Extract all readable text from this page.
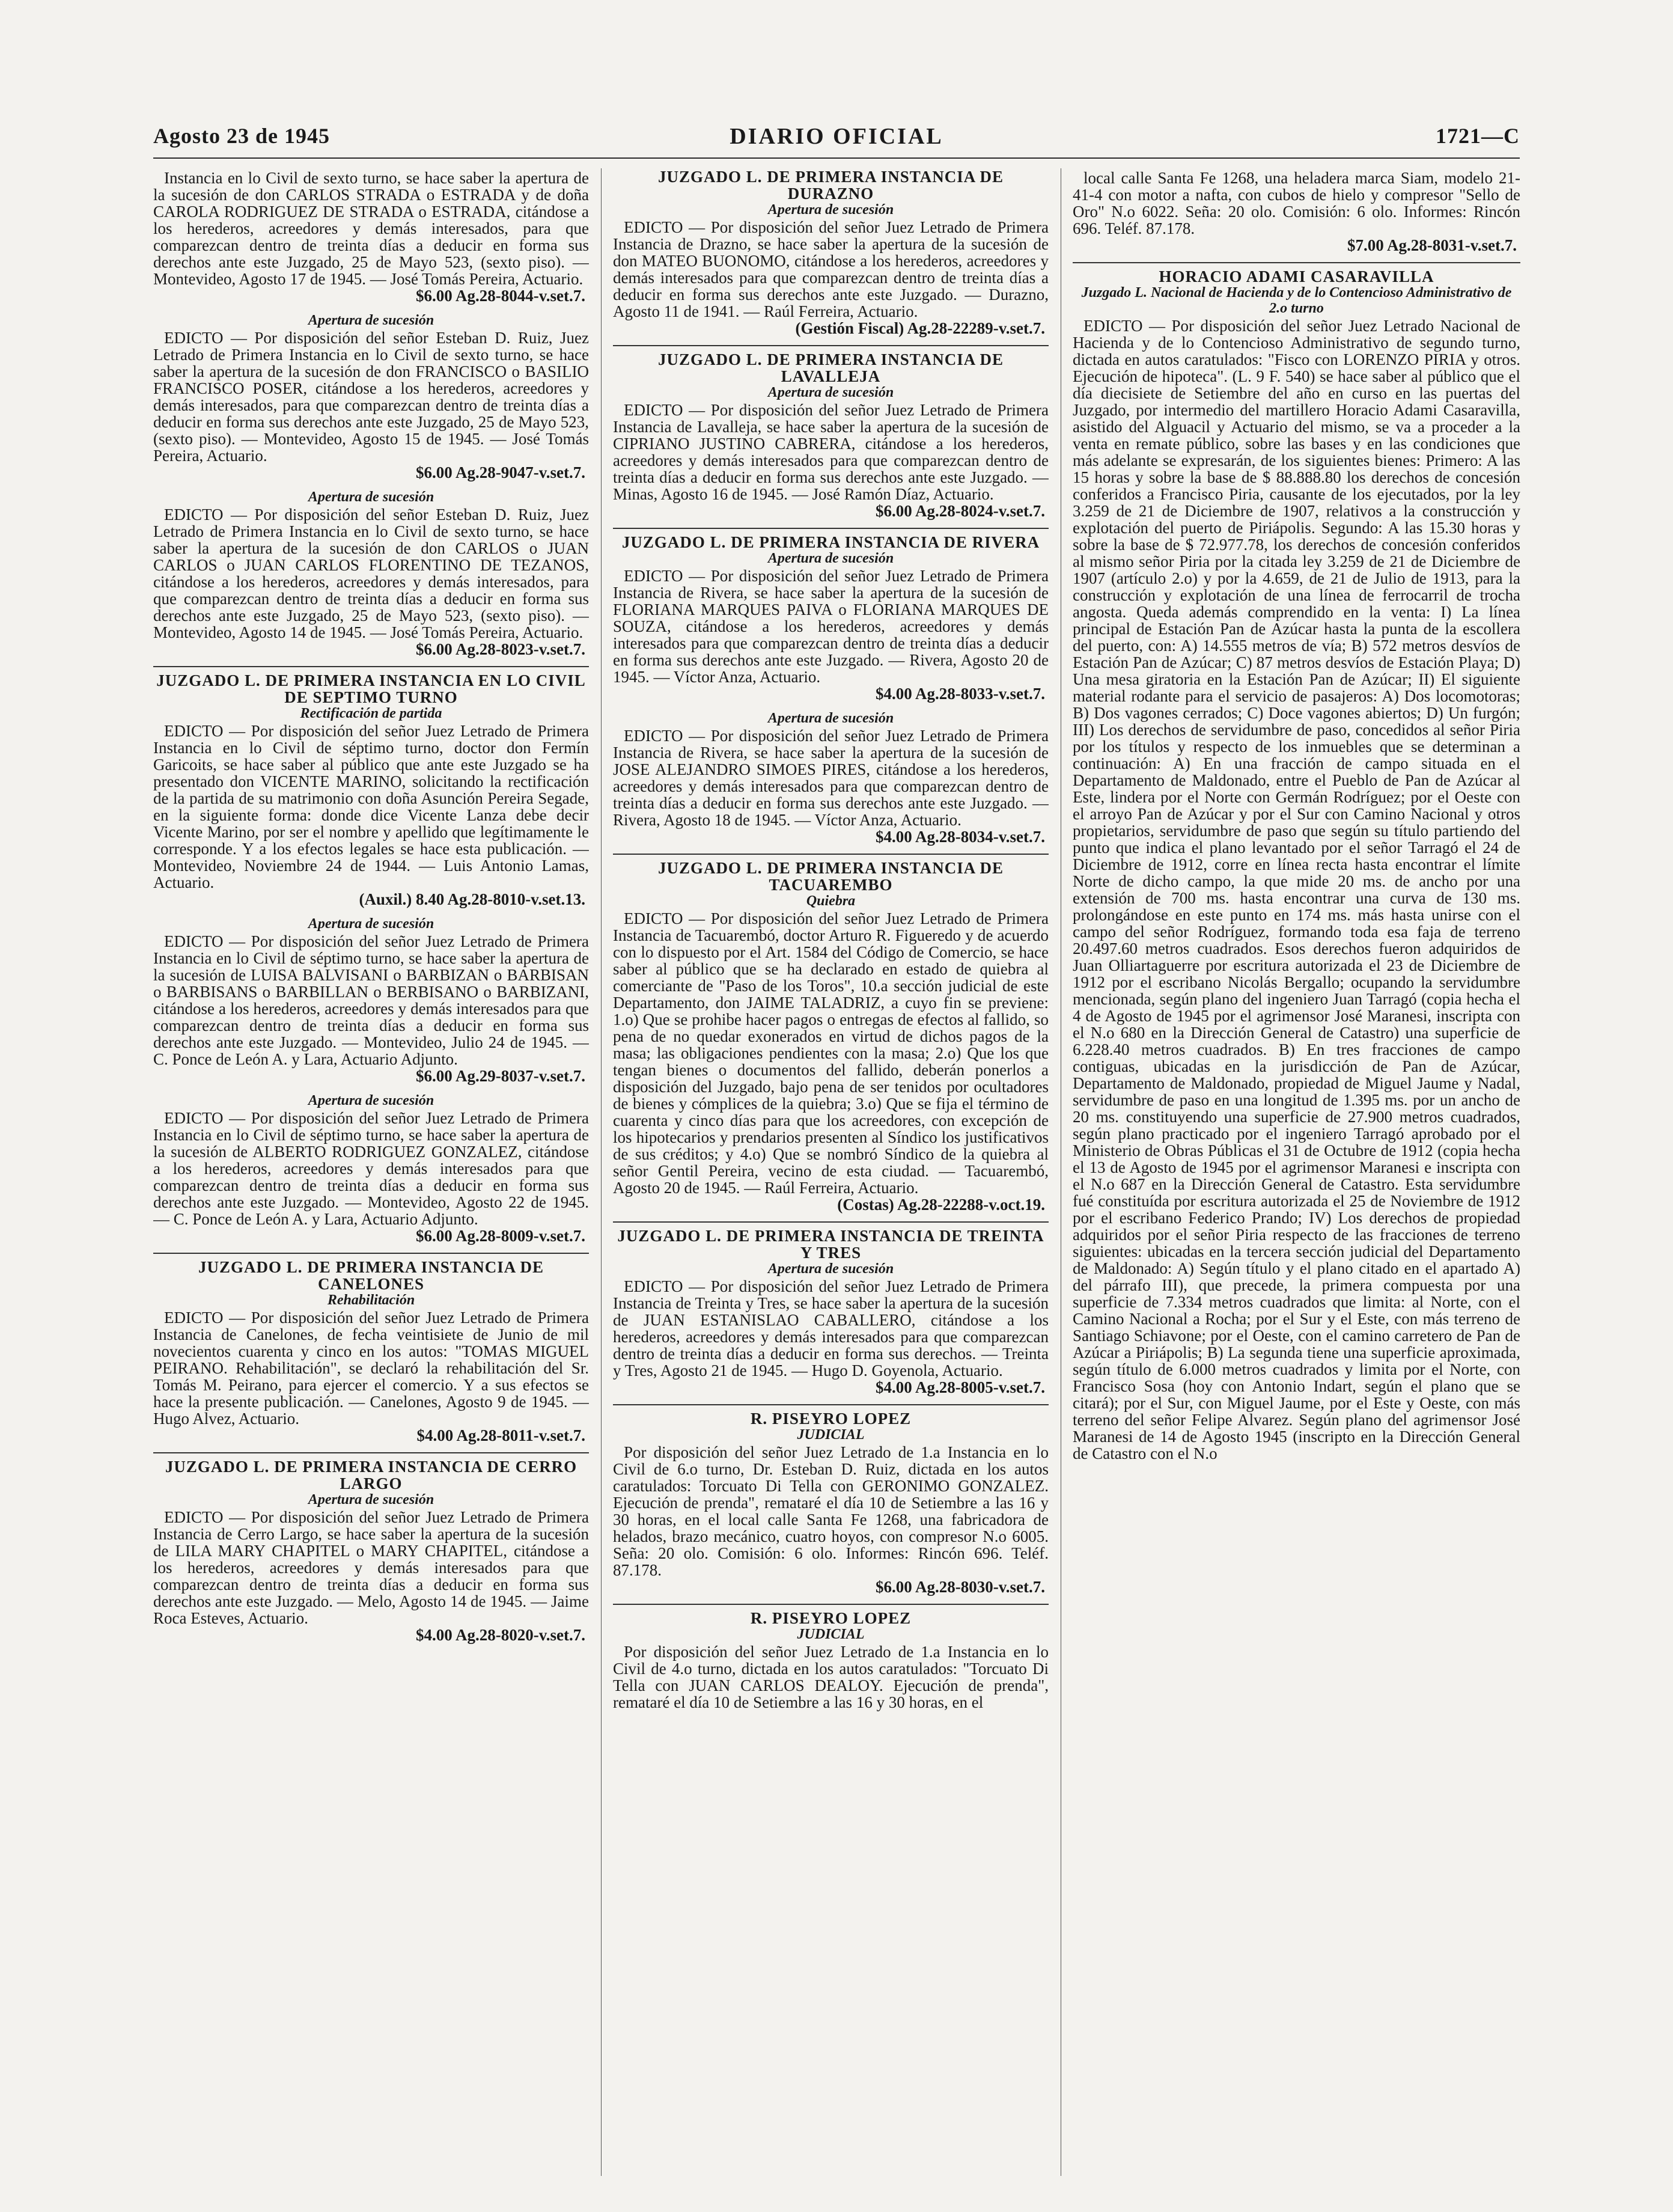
Agosto 23 de 1945	DIARIO OFICIAL	1721—C
Instancia en lo Civil de sexto turno, se hace saber la apertura de la sucesión de don CARLOS STRADA o ESTRADA y de doña CAROLA RODRIGUEZ DE STRADA o ESTRADA, citándose a los herederos, acreedores y demás interesados, para que comparezcan dentro de treinta días a deducir en forma sus derechos ante este Juzgado, 25 de Mayo 523, (sexto piso). — Montevideo, Agosto 17 de 1945. — José Tomás Pereira, Actuario.
$6.00 Ag.28-8044-v.set.7.
Apertura de sucesión
EDICTO — Por disposición del señor Esteban D. Ruiz, Juez Letrado de Primera Instancia en lo Civil de sexto turno, se hace saber la apertura de la sucesión de don FRANCISCO o BASILIO FRANCISCO POSER, citándose a los herederos, acreedores y demás interesados, para que comparezcan dentro de treinta días a deducir en forma sus derechos ante este Juzgado, 25 de Mayo 523, (sexto piso). — Montevideo, Agosto 15 de 1945. — José Tomás Pereira, Actuario.
$6.00 Ag.28-9047-v.set.7.
Apertura de sucesión
EDICTO — Por disposición del señor Esteban D. Ruiz, Juez Letrado de Primera Instancia en lo Civil de sexto turno, se hace saber la apertura de la sucesión de don CARLOS o JUAN CARLOS o JUAN CARLOS FLORENTINO DE TEZANOS, citándose a los herederos, acreedores y demás interesados, para que comparezcan dentro de treinta días a deducir en forma sus derechos ante este Juzgado, 25 de Mayo 523, (sexto piso). — Montevideo, Agosto 14 de 1945. — José Tomás Pereira, Actuario.
$6.00 Ag.28-8023-v.set.7.
JUZGADO L. DE PRIMERA INSTANCIA EN LO CIVIL DE SEPTIMO TURNO
Rectificación de partida
EDICTO — Por disposición del señor Juez Letrado de Primera Instancia en lo Civil de séptimo turno, doctor don Fermín Garicoits, se hace saber al público que ante este Juzgado se ha presentado don VICENTE MARINO, solicitando la rectificación de la partida de su matrimonio con doña Asunción Pereira Segade, en la siguiente forma: donde dice Vicente Lanza debe decir Vicente Marino, por ser el nombre y apellido que legítimamente le corresponde. Y a los efectos legales se hace esta publicación. — Montevideo, Noviembre 24 de 1944. — Luis Antonio Lamas, Actuario.
(Auxil.) 8.40 Ag.28-8010-v.set.13.
Apertura de sucesión
EDICTO — Por disposición del señor Juez Letrado de Primera Instancia en lo Civil de séptimo turno, se hace saber la apertura de la sucesión de LUISA BALVISANI o BARBIZAN o BARBISAN o BARBISANS o BARBILLAN o BERBISANO o BARBIZANI, citándose a los herederos, acreedores y demás interesados para que comparezcan dentro de treinta días a deducir en forma sus derechos ante este Juzgado. — Montevideo, Julio 24 de 1945. — C. Ponce de León A. y Lara, Actuario Adjunto.
$6.00 Ag.29-8037-v.set.7.
Apertura de sucesión
EDICTO — Por disposición del señor Juez Letrado de Primera Instancia en lo Civil de séptimo turno, se hace saber la apertura de la sucesión de ALBERTO RODRIGUEZ GONZALEZ, citándose a los herederos, acreedores y demás interesados para que comparezcan dentro de treinta días a deducir en forma sus derechos ante este Juzgado. — Montevideo, Agosto 22 de 1945. — C. Ponce de León A. y Lara, Actuario Adjunto.
$6.00 Ag.28-8009-v.set.7.
JUZGADO L. DE PRIMERA INSTANCIA DE CANELONES
Rehabilitación
EDICTO — Por disposición del señor Juez Letrado de Primera Instancia de Canelones, de fecha veintisiete de Junio de mil novecientos cuarenta y cinco en los autos: "TOMAS MIGUEL PEIRANO. Rehabilitación", se declaró la rehabilitación del Sr. Tomás M. Peirano, para ejercer el comercio. Y a sus efectos se hace la presente publicación. — Canelones, Agosto 9 de 1945. — Hugo Alvez, Actuario.
$4.00 Ag.28-8011-v.set.7.
JUZGADO L. DE PRIMERA INSTANCIA DE CERRO LARGO
Apertura de sucesión
EDICTO — Por disposición del señor Juez Letrado de Primera Instancia de Cerro Largo, se hace saber la apertura de la sucesión de LILA MARY CHAPITEL o MARY CHAPITEL, citándose a los herederos, acreedores y demás interesados para que comparezcan dentro de treinta días a deducir en forma sus derechos ante este Juzgado. — Melo, Agosto 14 de 1945. — Jaime Roca Esteves, Actuario.
$4.00 Ag.28-8020-v.set.7.
JUZGADO L. DE PRIMERA INSTANCIA DE DURAZNO
Apertura de sucesión
EDICTO — Por disposición del señor Juez Letrado de Primera Instancia de Drazno, se hace saber la apertura de la sucesión de don MATEO BUONOMO, citándose a los herederos, acreedores y demás interesados para que comparezcan dentro de treinta días a deducir en forma sus derechos ante este Juzgado. — Durazno, Agosto 11 de 1941. — Raúl Ferreira, Actuario.
(Gestión Fiscal) Ag.28-22289-v.set.7.
JUZGADO L. DE PRIMERA INSTANCIA DE LAVALLEJA
Apertura de sucesión
EDICTO — Por disposición del señor Juez Letrado de Primera Instancia de Lavalleja, se hace saber la apertura de la sucesión de CIPRIANO JUSTINO CABRERA, citándose a los herederos, acreedores y demás interesados para que comparezcan dentro de treinta días a deducir en forma sus derechos ante este Juzgado. — Minas, Agosto 16 de 1945. — José Ramón Díaz, Actuario.
$6.00 Ag.28-8024-v.set.7.
JUZGADO L. DE PRIMERA INSTANCIA DE RIVERA
Apertura de sucesión
EDICTO — Por disposición del señor Juez Letrado de Primera Instancia de Rivera, se hace saber la apertura de la sucesión de FLORIANA MARQUES PAIVA o FLORIANA MARQUES DE SOUZA, citándose a los herederos, acreedores y demás interesados para que comparezcan dentro de treinta días a deducir en forma sus derechos ante este Juzgado. — Rivera, Agosto 20 de 1945. — Víctor Anza, Actuario.
$4.00 Ag.28-8033-v.set.7.
Apertura de sucesión
EDICTO — Por disposición del señor Juez Letrado de Primera Instancia de Rivera, se hace saber la apertura de la sucesión de JOSE ALEJANDRO SIMOES PIRES, citándose a los herederos, acreedores y demás interesados para que comparezcan dentro de treinta días a deducir en forma sus derechos ante este Juzgado. — Rivera, Agosto 18 de 1945. — Víctor Anza, Actuario.
$4.00 Ag.28-8034-v.set.7.
JUZGADO L. DE PRIMERA INSTANCIA DE TACUAREMBO
Quiebra
EDICTO — Por disposición del señor Juez Letrado de Primera Instancia de Tacuarembó, doctor Arturo R. Figueredo y de acuerdo con lo dispuesto por el Art. 1584 del Código de Comercio, se hace saber al público que se ha declarado en estado de quiebra al comerciante de "Paso de los Toros", 10.a sección judicial de este Departamento, don JAIME TALADRIZ, a cuyo fin se previene: 1.o) Que se prohibe hacer pagos o entregas de efectos al fallido, so pena de no quedar exonerados en virtud de dichos pagos de la masa; las obligaciones pendientes con la masa; 2.o) Que los que tengan bienes o documentos del fallido, deberán ponerlos a disposición del Juzgado, bajo pena de ser tenidos por ocultadores de bienes y cómplices de la quiebra; 3.o) Que se fija el término de cuarenta y cinco días para que los acreedores, con excepción de los hipotecarios y prendarios presenten al Síndico los justificativos de sus créditos; y 4.o) Que se nombró Síndico de la quiebra al señor Gentil Pereira, vecino de esta ciudad. — Tacuarembó, Agosto 20 de 1945. — Raúl Ferreira, Actuario.
(Costas) Ag.28-22288-v.oct.19.
JUZGADO L. DE PRIMERA INSTANCIA DE TREINTA Y TRES
Apertura de sucesión
EDICTO — Por disposición del señor Juez Letrado de Primera Instancia de Treinta y Tres, se hace saber la apertura de la sucesión de JUAN ESTANISLAO CABALLERO, citándose a los herederos, acreedores y demás interesados para que comparezcan dentro de treinta días a deducir en forma sus derechos. — Treinta y Tres, Agosto 21 de 1945. — Hugo D. Goyenola, Actuario.
$4.00 Ag.28-8005-v.set.7.
R. PISEYRO LOPEZ
JUDICIAL
Por disposición del señor Juez Letrado de 1.a Instancia en lo Civil de 6.o turno, Dr. Esteban D. Ruiz, dictada en los autos caratulados: Torcuato Di Tella con GERONIMO GONZALEZ. Ejecución de prenda", remataré el día 10 de Setiembre a las 16 y 30 horas, en el local calle Santa Fe 1268, una fabricadora de helados, brazo mecánico, cuatro hoyos, con compresor N.o 6005. Seña: 20 olo. Comisión: 6 olo. Informes: Rincón 696. Teléf. 87.178.
$6.00 Ag.28-8030-v.set.7.
R. PISEYRO LOPEZ
JUDICIAL
Por disposición del señor Juez Letrado de 1.a Instancia en lo Civil de 4.o turno, dictada en los autos caratulados: "Torcuato Di Tella con JUAN CARLOS DEALOY. Ejecución de prenda", remataré el día 10 de Setiembre a las 16 y 30 horas, en el
local calle Santa Fe 1268, una heladera marca Siam, modelo 21-41-4 con motor a nafta, con cubos de hielo y compresor "Sello de Oro" N.o 6022. Seña: 20 olo. Comisión: 6 olo. Informes: Rincón 696. Teléf. 87.178.
$7.00 Ag.28-8031-v.set.7.
HORACIO ADAMI CASARAVILLA
Juzgado L. Nacional de Hacienda y de lo Contencioso Administrativo de 2.o turno
EDICTO — Por disposición del señor Juez Letrado Nacional de Hacienda y de lo Contencioso Administrativo de segundo turno, dictada en autos caratulados: "Fisco con LORENZO PIRIA y otros. Ejecución de hipoteca". (L. 9 F. 540) se hace saber al público que el día diecisiete de Setiembre del año en curso en las puertas del Juzgado, por intermedio del martillero Horacio Adami Casaravilla, asistido del Alguacil y Actuario del mismo, se va a proceder a la venta en remate público, sobre las bases y en las condiciones que más adelante se expresarán, de los siguientes bienes: Primero: A las 15 horas y sobre la base de $ 88.888.80 los derechos de concesión conferidos a Francisco Piria, causante de los ejecutados, por la ley 3.259 de 21 de Diciembre de 1907, relativos a la construcción y explotación del puerto de Piriápolis. Segundo: A las 15.30 horas y sobre la base de $ 72.977.78, los derechos de concesión conferidos al mismo señor Piria por la citada ley 3.259 de 21 de Diciembre de 1907 (artículo 2.o) y por la 4.659, de 21 de Julio de 1913, para la construcción y explotación de una línea de ferrocarril de trocha angosta. Queda además comprendido en la venta: I) La línea principal de Estación Pan de Azúcar hasta la punta de la escollera del puerto, con: A) 14.555 metros de vía; B) 572 metros desvíos de Estación Pan de Azúcar; C) 87 metros desvíos de Estación Playa; D) Una mesa giratoria en la Estación Pan de Azúcar; II) El siguiente material rodante para el servicio de pasajeros: A) Dos locomotoras; B) Dos vagones cerrados; C) Doce vagones abiertos; D) Un furgón; III) Los derechos de servidumbre de paso, concedidos al señor Piria por los títulos y respecto de los inmuebles que se determinan a continuación: A) En una fracción de campo situada en el Departamento de Maldonado, entre el Pueblo de Pan de Azúcar al Este, lindera por el Norte con Germán Rodríguez; por el Oeste con el arroyo Pan de Azúcar y por el Sur con Camino Nacional y otros propietarios, servidumbre de paso que según su título partiendo del punto que indica el plano levantado por el señor Tarragó el 24 de Diciembre de 1912, corre en línea recta hasta encontrar el límite Norte de dicho campo, la que mide 20 ms. de ancho por una extensión de 700 ms. hasta encontrar una curva de 130 ms. prolongándose en este punto en 174 ms. más hasta unirse con el campo del señor Rodríguez, formando toda esa faja de terreno 20.497.60 metros cuadrados. Esos derechos fueron adquiridos de Juan Olliartaguerre por escritura autorizada el 23 de Diciembre de 1912 por el escribano Nicolás Bergallo; ocupando la servidumbre mencionada, según plano del ingeniero Juan Tarragó (copia hecha el 4 de Agosto de 1945 por el agrimensor José Maranesi, inscripta con el N.o 680 en la Dirección General de Catastro) una superficie de 6.228.40 metros cuadrados. B) En tres fracciones de campo contiguas, ubicadas en la jurisdicción de Pan de Azúcar, Departamento de Maldonado, propiedad de Miguel Jaume y Nadal, servidumbre de paso en una longitud de 1.395 ms. por un ancho de 20 ms. constituyendo una superficie de 27.900 metros cuadrados, según plano practicado por el ingeniero Tarragó aprobado por el Ministerio de Obras Públicas el 31 de Octubre de 1912 (copia hecha el 13 de Agosto de 1945 por el agrimensor Maranesi e inscripta con el N.o 687 en la Dirección General de Catastro. Esta servidumbre fué constituída por escritura autorizada el 25 de Noviembre de 1912 por el escribano Federico Prando; IV) Los derechos de propiedad adquiridos por el señor Piria respecto de las fracciones de terreno siguientes: ubicadas en la tercera sección judicial del Departamento de Maldonado: A) Según título y el plano citado en el apartado A) del párrafo III), que precede, la primera compuesta por una superficie de 7.334 metros cuadrados que limita: al Norte, con el Camino Nacional a Rocha; por el Sur y el Este, con más terreno de Santiago Schiavone; por el Oeste, con el camino carretero de Pan de Azúcar a Piriápolis; B) La segunda tiene una superficie aproximada, según título de 6.000 metros cuadrados y limita por el Norte, con Francisco Sosa (hoy con Antonio Indart, según el plano que se citará); por el Sur, con Miguel Jaume, por el Este y Oeste, con más terreno del señor Felipe Alvarez. Según plano del agrimensor José Maranesi de 14 de Agosto 1945 (inscripto en la Dirección General de Catastro con el N.o
